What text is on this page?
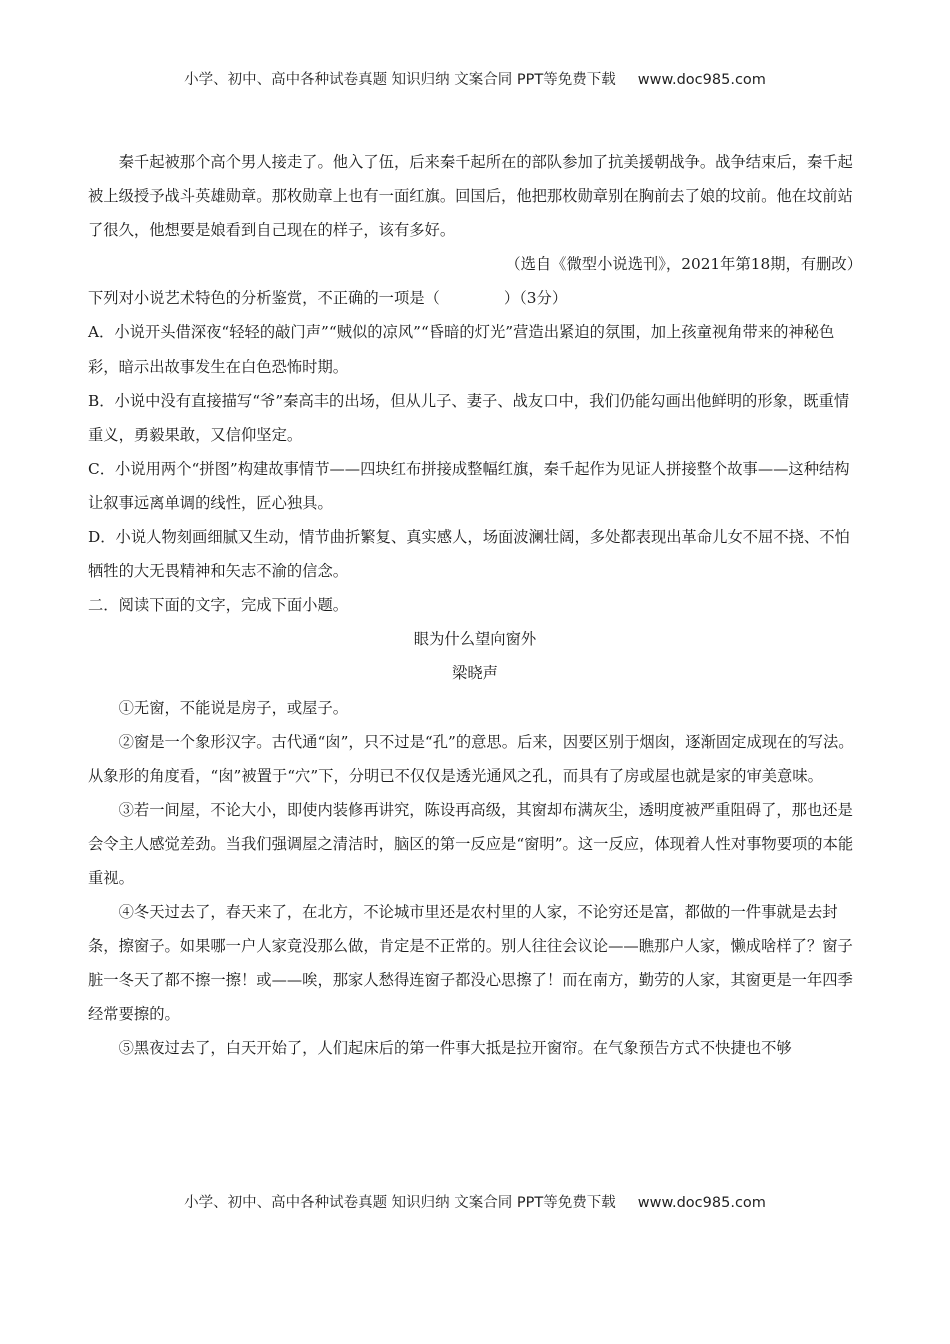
小学、初中、高中各种试卷真题 知识归纳 文案合同 PPT等免费下载 www.doc985.com

秦千起被那个高个男人接走了。他入了伍，后来秦千起所在的部队参加了抗美援朝战争。战争结束后，秦千起被上级授予战斗英雄勋章。那枚勋章上也有一面红旗。回国后，他把那枚勋章别在胸前去了娘的坟前。他在坟前站了很久，他想要是娘看到自己现在的样子，该有多好。

（选自《微型小说选刊》，2021年第18期，有删改）

下列对小说艺术特色的分析鉴赏，不正确的一项是（	）（3分）

A．小说开头借深夜“轻轻的敲门声”“贼似的凉风”“昏暗的灯光”营造出紧迫的氛围，加上孩童视角带来的神秘色彩，暗示出故事发生在白色恐怖时期。

B．小说中没有直接描写“爷”秦高丰的出场，但从儿子、妻子、战友口中，我们仍能勾画出他鲜明的形象，既重情重义，勇毅果敢，又信仰坚定。

C．小说用两个“拼图”构建故事情节——四块红布拼接成整幅红旗，秦千起作为见证人拼接整个故事——这种结构让叙事远离单调的线性，匠心独具。

D．小说人物刻画细腻又生动，情节曲折繁复、真实感人，场面波澜壮阔，多处都表现出革命儿女不屈不挠、不怕牺牲的大无畏精神和矢志不渝的信念。

二．阅读下面的文字，完成下面小题。

眼为什么望向窗外

梁晓声

①无窗，不能说是房子，或屋子。

②窗是一个象形汉字。古代通“囱”，只不过是“孔”的意思。后来，因要区别于烟囱，逐渐固定成现在的写法。从象形的角度看，“囱”被置于“穴”下，分明已不仅仅是透光通风之孔，而具有了房或屋也就是家的审美意味。

③若一间屋，不论大小，即使内装修再讲究，陈设再高级，其窗却布满灰尘，透明度被严重阻碍了，那也还是会令主人感觉差劲。当我们强调屋之清洁时，脑区的第一反应是“窗明”。这一反应，体现着人性对事物要项的本能重视。

④冬天过去了，春天来了，在北方，不论城市里还是农村里的人家，不论穷还是富，都做的一件事就是去封条，擦窗子。如果哪一户人家竟没那么做，肯定是不正常的。别人往往会议论——瞧那户人家，懒成啥样了？窗子脏一冬天了都不擦一擦！或——唉，那家人愁得连窗子都没心思擦了！而在南方，勤劳的人家，其窗更是一年四季经常要擦的。

⑤黑夜过去了，白天开始了，人们起床后的第一件事大抵是拉开窗帘。在气象预告方式不快捷也不够

小学、初中、高中各种试卷真题 知识归纳 文案合同 PPT等免费下载 www.doc985.com
